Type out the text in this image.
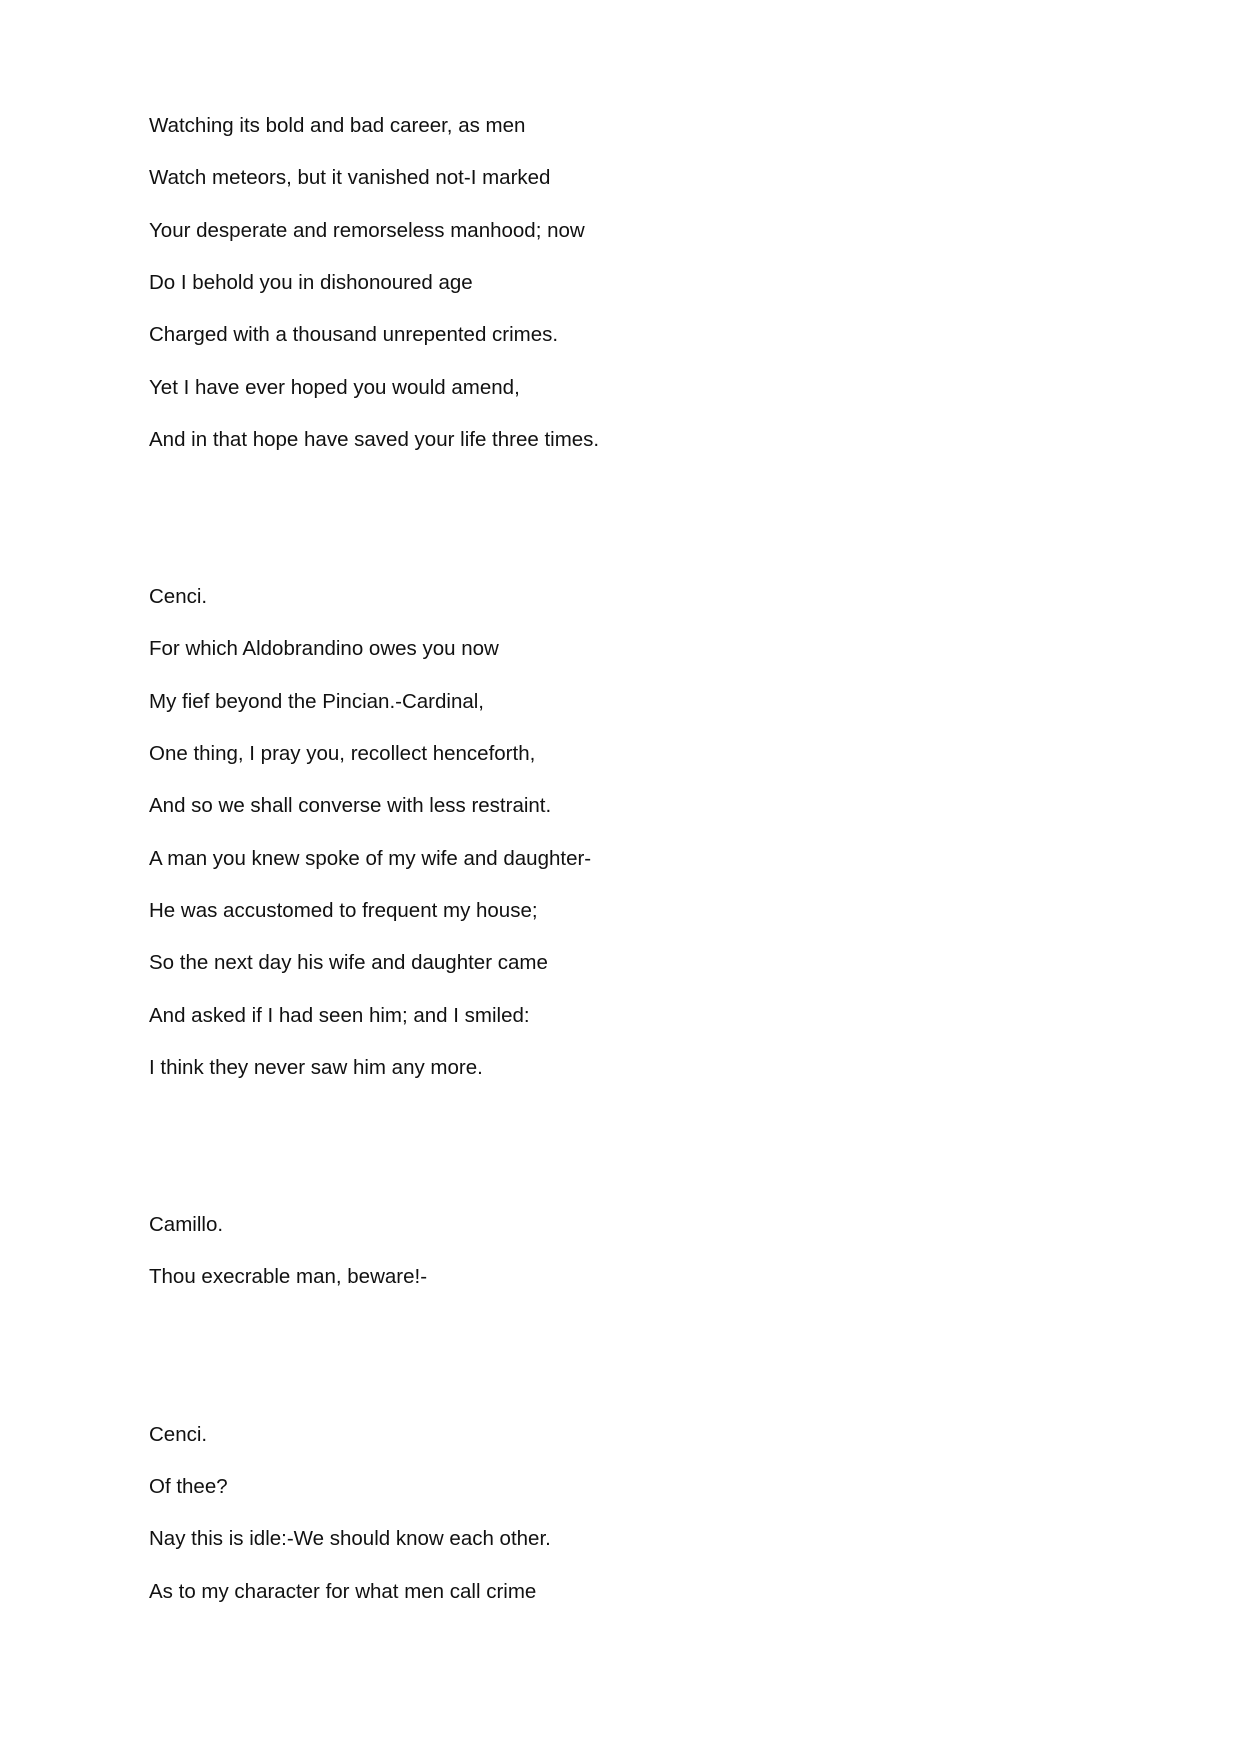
Watching its bold and bad career, as men
Watch meteors, but it vanished not-I marked
Your desperate and remorseless manhood; now
Do I behold you in dishonoured age
Charged with a thousand unrepented crimes.
Yet I have ever hoped you would amend,
And in that hope have saved your life three times.
Cenci.
For which Aldobrandino owes you now
My fief beyond the Pincian.-Cardinal,
One thing, I pray you, recollect henceforth,
And so we shall converse with less restraint.
A man you knew spoke of my wife and daughter-
He was accustomed to frequent my house;
So the next day his wife and daughter came
And asked if I had seen him; and I smiled:
I think they never saw him any more.
Camillo.
Thou execrable man, beware!-
Cenci.
Of thee?
Nay this is idle:-We should know each other.
As to my character for what men call crime
